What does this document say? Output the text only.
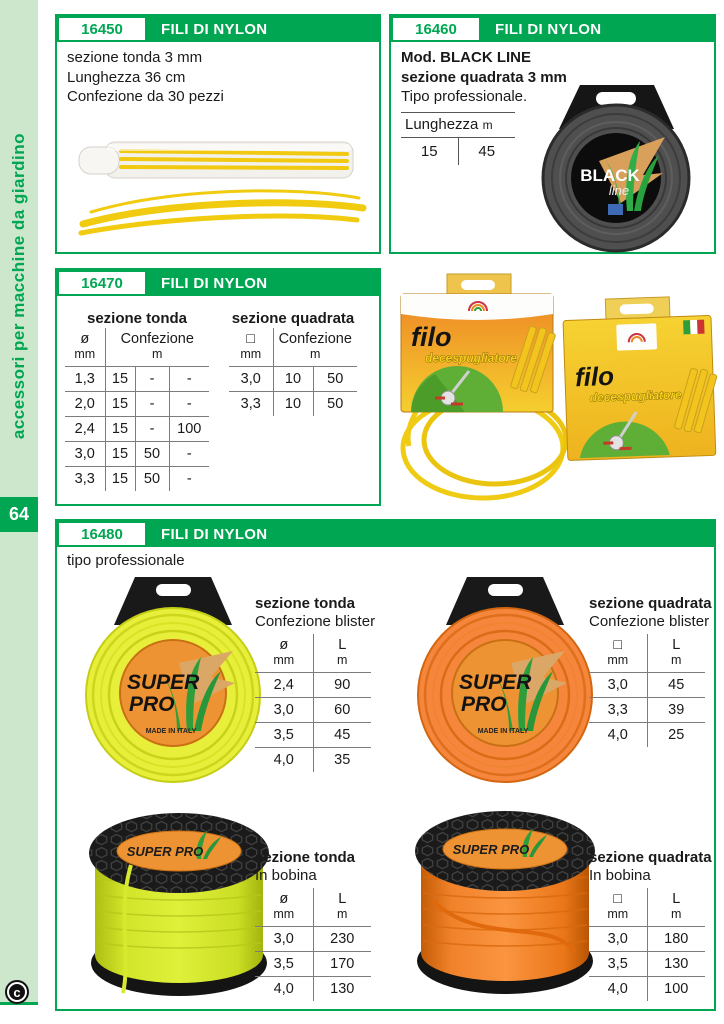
accessori per macchine da giardino
64
c
16450	FILI DI NYLON
sezione tonda 3 mm
Lunghezza 36 cm
Confezione da 30 pezzi
16460	FILI DI NYLON
Mod. BLACK LINE
sezione quadrata 3 mm
Tipo professionale.
Lunghezza m
15	45
BLACK
line
16470	FILI DI NYLON
sezione tonda
ø
mm	Confezione
m		

1,3	15	-	-
2,0	15	-	-
2,4	15	-	100
3,0	15	50	-
3,3	15	50	-
sezione quadrata
□
mm	Confezione
m	

3,0	10	50
3,3	10	50
filo
decespugliatore
filo
decespugliatore
16480	FILI DI NYLON
tipo professionale
SUPER
PRO
MADE IN ITALY
sezione tonda
Confezione blister
ø
mm	L
m

2,4	90
3,0	60
3,5	45
4,0	35
SUPER
PRO
MADE IN ITALY
sezione quadrata
Confezione blister
□
mm	L
m

3,0	45
3,3	39
4,0	25
SUPER PRO	sezione tonda
In bobina
ø
mm	L
m

3,0	230
3,5	170
4,0	130
SUPER PRO	sezione quadrata
In bobina
□
mm	L
m

3,0	180
3,5	130
4,0	100
